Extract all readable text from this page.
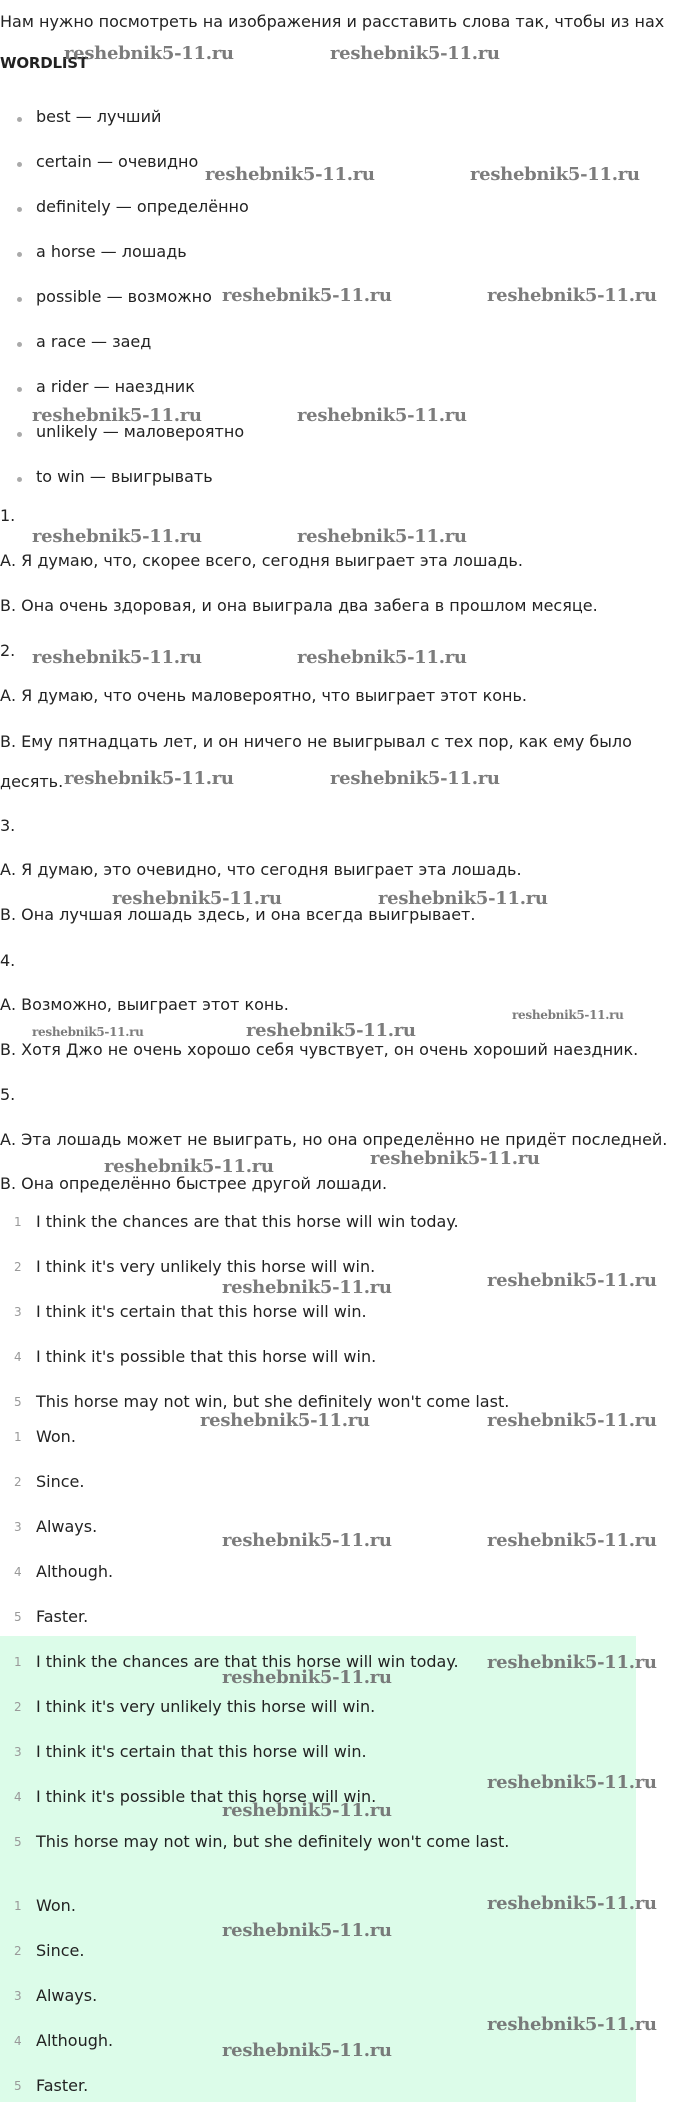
Нам нужно посмотреть на изображения и расставить слова так, чтобы из нах
WORDLIST
best — лучший
certain — очевидно
definitely — определённо
a horse — лошадь
possible — возможно
a race — заед
a rider — наездник
unlikely — маловероятно
to win — выигрывать
1.
А. Я думаю, что, скорее всего, сегодня выиграет эта лошадь.
В. Она очень здоровая, и она выиграла два забега в прошлом месяце.
2.
А. Я думаю, что очень маловероятно, что выиграет этот конь.
В. Ему пятнадцать лет, и он ничего не выигрывал с тех пор, как ему было
десять.
3.
А. Я думаю, это очевидно, что сегодня выиграет эта лошадь.
В. Она лучшая лошадь здесь, и она всегда выигрывает.
4.
А. Возможно, выиграет этот конь.
В. Хотя Джо не очень хорошо себя чувствует, он очень хороший наездник.
5.
А. Эта лошадь может не выиграть, но она определённо не придёт последней.
В. Она определённо быстрее другой лошади.
1 I think the chances are that this horse will win today.
2 I think it's very unlikely this horse will win.
3 I think it's certain that this horse will win.
4 I think it's possible that this horse will win.
5 This horse may not win, but she definitely won't come last.
1 Won.
2 Since.
3 Always.
4 Although.
5 Faster.
1 I think the chances are that this horse will win today.
2 I think it's very unlikely this horse will win.
3 I think it's certain that this horse will win.
4 I think it's possible that this horse will win.
5 This horse may not win, but she definitely won't come last.
1 Won.
2 Since.
3 Always.
4 Although.
5 Faster.
reshebnik5-11.ru	reshebnik5-11.ru
reshebnik5-11.ru	reshebnik5-11.ru
reshebnik5-11.ru	reshebnik5-11.ru
reshebnik5-11.ru	reshebnik5-11.ru
reshebnik5-11.ru	reshebnik5-11.ru
reshebnik5-11.ru	reshebnik5-11.ru
reshebnik5-11.ru	reshebnik5-11.ru
reshebnik5-11.ru	reshebnik5-11.ru
reshebnik5-11.ru	reshebnik5-11.ru
reshebnik5-11.ru
reshebnik5-11.ru	reshebnik5-11.ru
reshebnik5-11.ru	reshebnik5-11.ru
reshebnik5-11.ru	reshebnik5-11.ru
reshebnik5-11.ru	reshebnik5-11.ru
reshebnik5-11.ru
reshebnik5-11.ru
reshebnik5-11.ru
reshebnik5-11.ru
reshebnik5-11.ru
reshebnik5-11.ru
reshebnik5-11.ru
reshebnik5-11.ru
